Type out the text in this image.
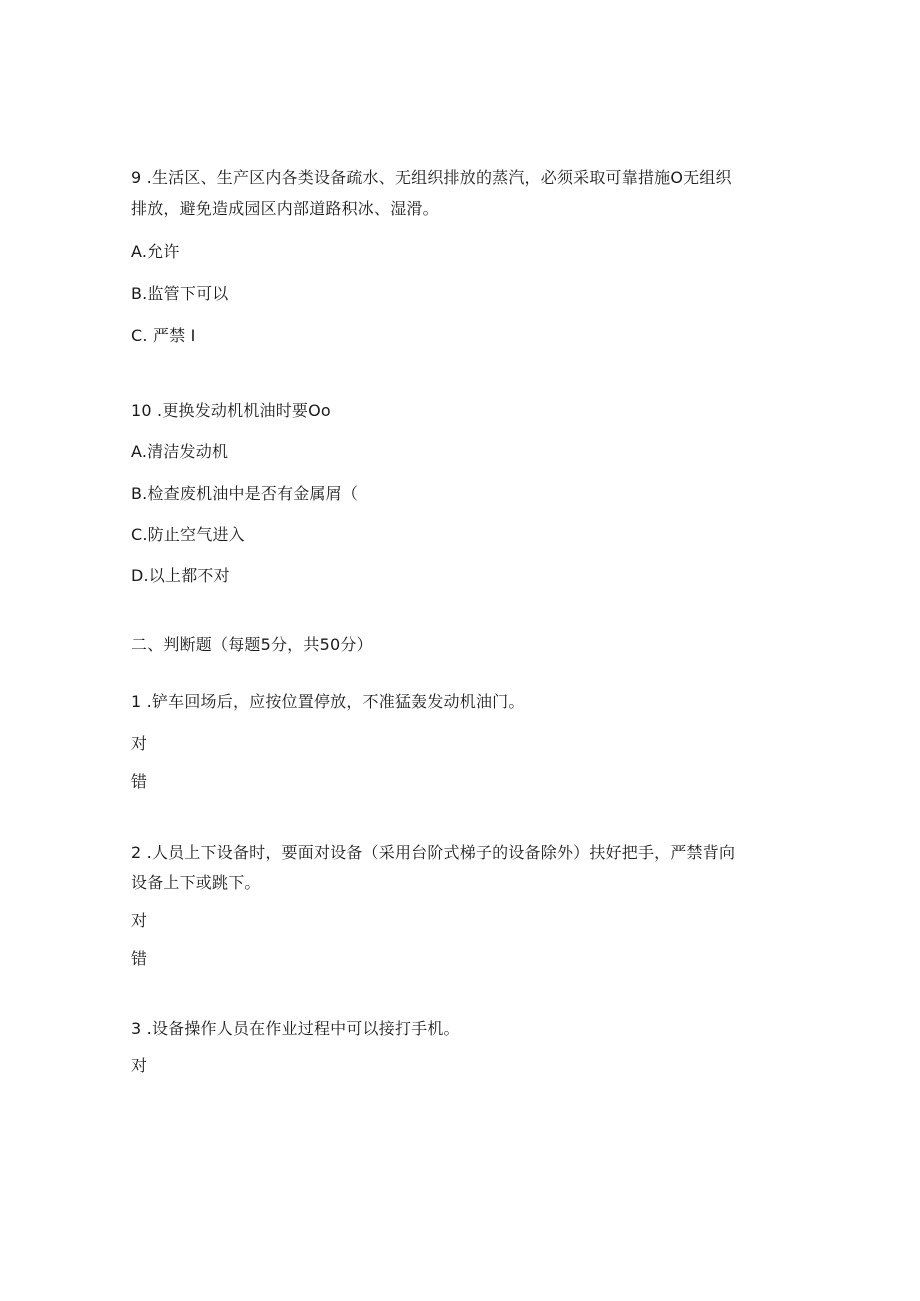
9 .生活区、生产区内各类设备疏水、无组织排放的蒸汽，必须采取可靠措施O无组织
排放，避免造成园区内部道路积冰、湿滑。
A.允许
B.监管下可以
C. 严禁 I
10 .更换发动机机油时要Oo
A.清洁发动机
B.检查废机油中是否有金属屑（
C.防止空气进入
D.以上都不对
二、判断题（每题5分，共50分）
1 .铲车回场后，应按位置停放，不准猛轰发动机油门。
对
错
2 .人员上下设备时，要面对设备（采用台阶式梯子的设备除外）扶好把手，严禁背向
设备上下或跳下。
对
错
3 .设备操作人员在作业过程中可以接打手机。
对
